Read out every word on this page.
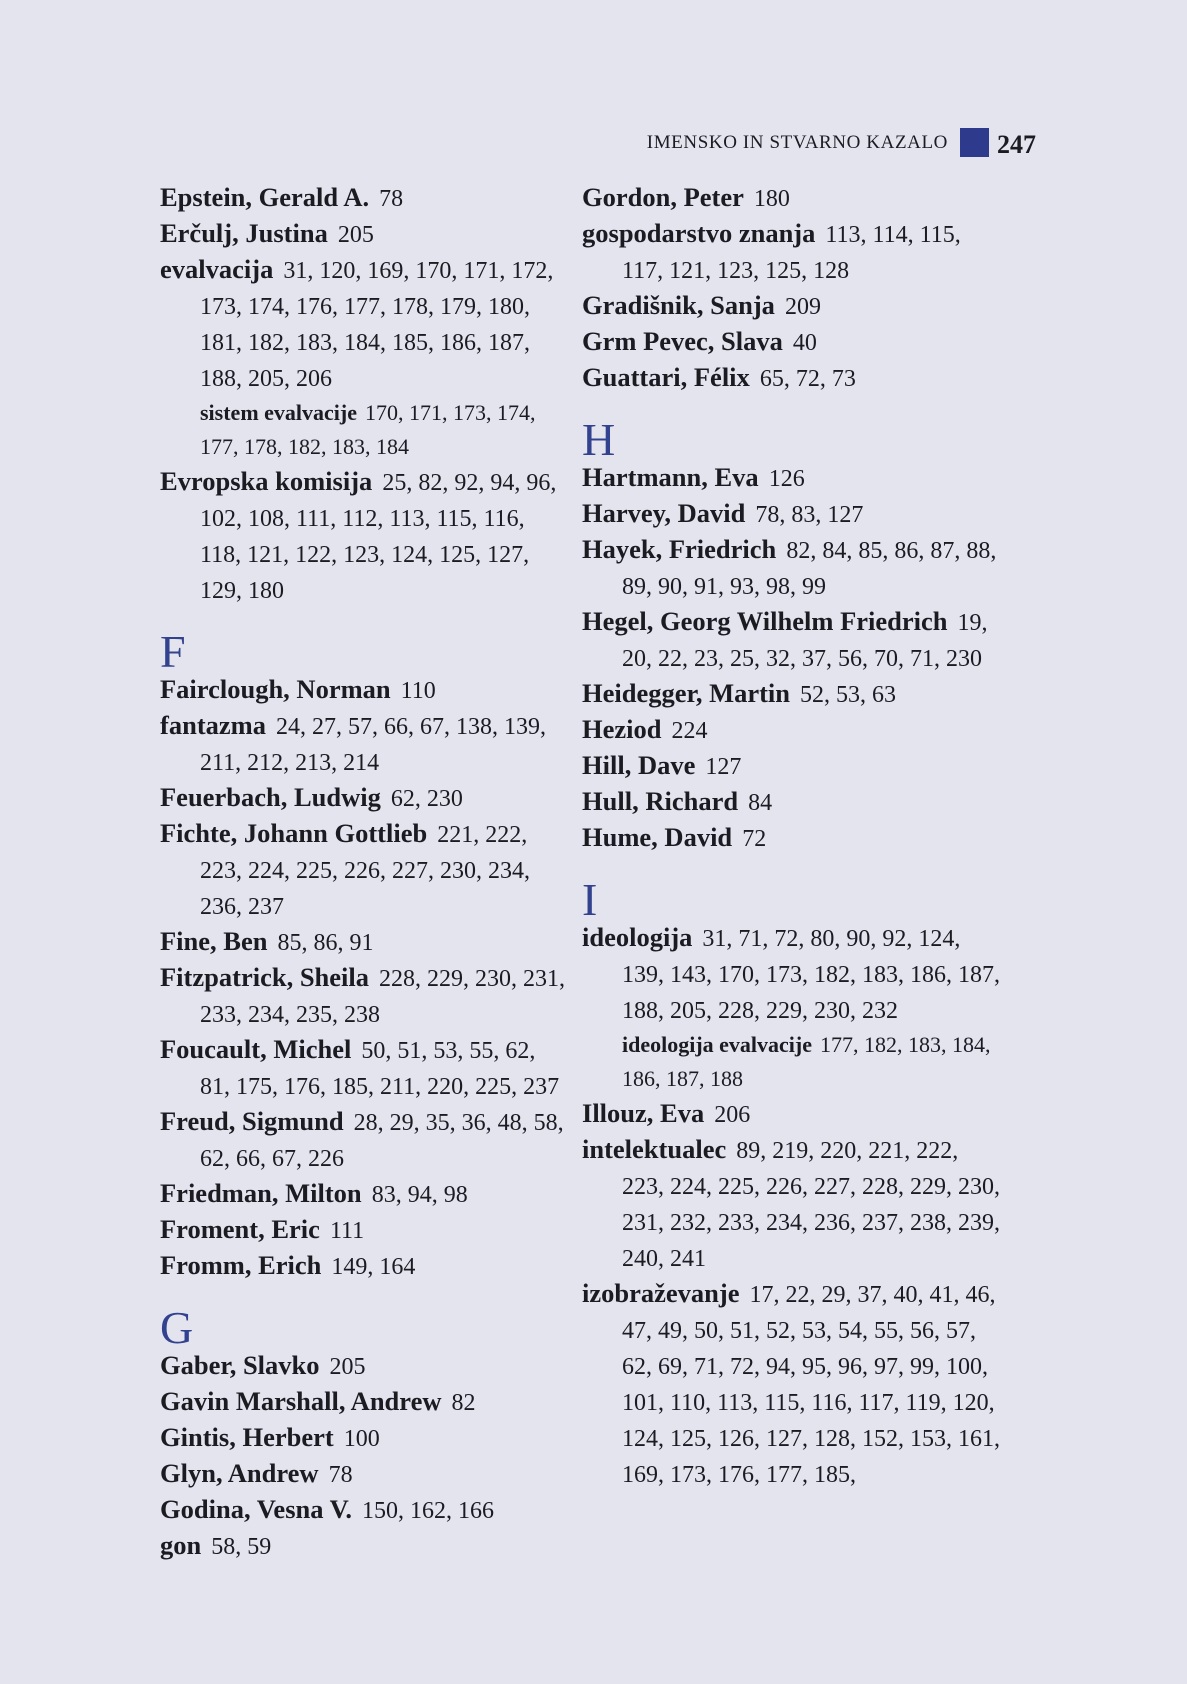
IMENSKO IN STVARNO KAZALO 247
Epstein, Gerald A. 78
Erčulj, Justina 205
evalvacija 31, 120, 169, 170, 171, 172, 173, 174, 176, 177, 178, 179, 180, 181, 182, 183, 184, 185, 186, 187, 188, 205, 206
sistem evalvacije 170, 171, 173, 174, 177, 178, 182, 183, 184
Evropska komisija 25, 82, 92, 94, 96, 102, 108, 111, 112, 113, 115, 116, 118, 121, 122, 123, 124, 125, 127, 129, 180
F
Fairclough, Norman 110
fantazma 24, 27, 57, 66, 67, 138, 139, 211, 212, 213, 214
Feuerbach, Ludwig 62, 230
Fichte, Johann Gottlieb 221, 222, 223, 224, 225, 226, 227, 230, 234, 236, 237
Fine, Ben 85, 86, 91
Fitzpatrick, Sheila 228, 229, 230, 231, 233, 234, 235, 238
Foucault, Michel 50, 51, 53, 55, 62, 81, 175, 176, 185, 211, 220, 225, 237
Freud, Sigmund 28, 29, 35, 36, 48, 58, 62, 66, 67, 226
Friedman, Milton 83, 94, 98
Froment, Eric 111
Fromm, Erich 149, 164
G
Gaber, Slavko 205
Gavin Marshall, Andrew 82
Gintis, Herbert 100
Glyn, Andrew 78
Godina, Vesna V. 150, 162, 166
gon 58, 59
Gordon, Peter 180
gospodarstvo znanja 113, 114, 115, 117, 121, 123, 125, 128
Gradišnik, Sanja 209
Grm Pevec, Slava 40
Guattari, Félix 65, 72, 73
H
Hartmann, Eva 126
Harvey, David 78, 83, 127
Hayek, Friedrich 82, 84, 85, 86, 87, 88, 89, 90, 91, 93, 98, 99
Hegel, Georg Wilhelm Friedrich 19, 20, 22, 23, 25, 32, 37, 56, 70, 71, 230
Heidegger, Martin 52, 53, 63
Heziod 224
Hill, Dave 127
Hull, Richard 84
Hume, David 72
I
ideologija 31, 71, 72, 80, 90, 92, 124, 139, 143, 170, 173, 182, 183, 186, 187, 188, 205, 228, 229, 230, 232
ideologija evalvacije 177, 182, 183, 184, 186, 187, 188
Illouz, Eva 206
intelektualec 89, 219, 220, 221, 222, 223, 224, 225, 226, 227, 228, 229, 230, 231, 232, 233, 234, 236, 237, 238, 239, 240, 241
izobraževanje 17, 22, 29, 37, 40, 41, 46, 47, 49, 50, 51, 52, 53, 54, 55, 56, 57, 62, 69, 71, 72, 94, 95, 96, 97, 99, 100, 101, 110, 113, 115, 116, 117, 119, 120, 124, 125, 126, 127, 128, 152, 153, 161, 169, 173, 176, 177, 185,
